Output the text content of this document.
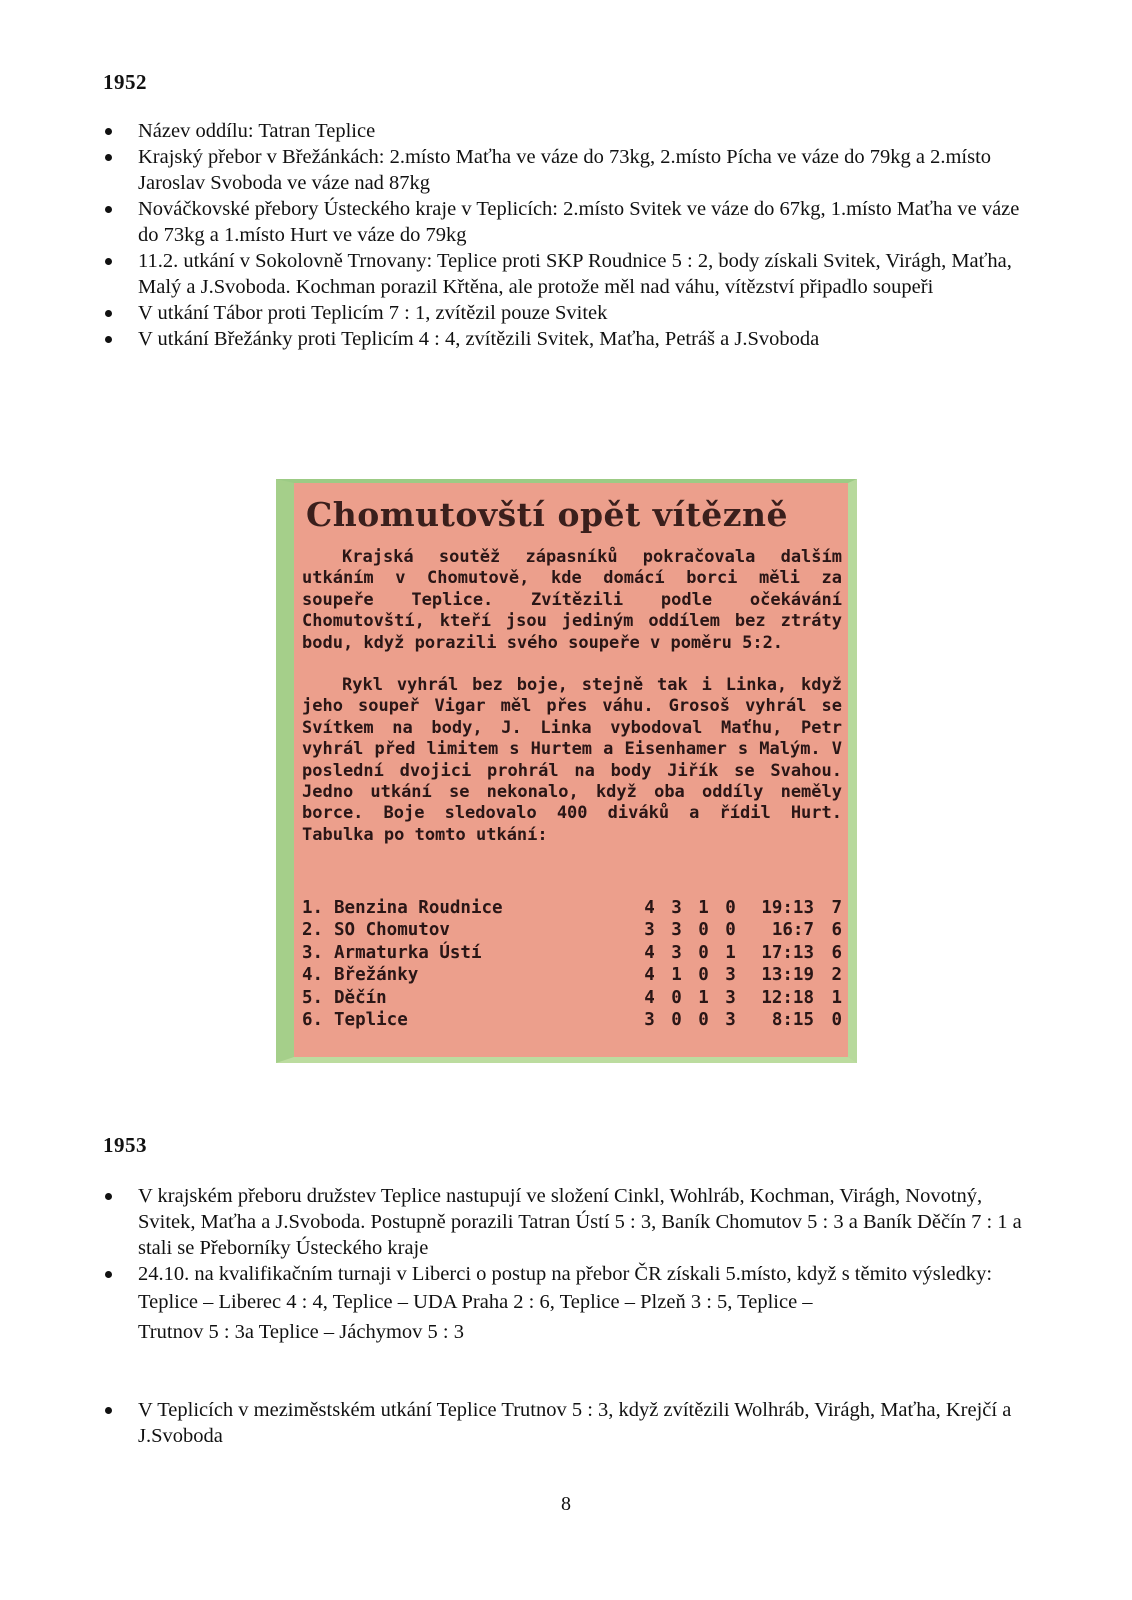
1952
Název oddílu: Tatran Teplice
Krajský přebor v Břežánkách: 2.místo Maťha ve váze do 73kg, 2.místo Pícha ve váze do 79kg a 2.místo Jaroslav Svoboda ve váze nad 87kg
Nováčkovské přebory Ústeckého kraje v Teplicích: 2.místo Svitek ve váze do 67kg, 1.místo Maťha ve váze do 73kg a 1.místo Hurt ve váze do 79kg
11.2. utkání v Sokolovně Trnovany: Teplice proti SKP Roudnice 5 : 2, body získali Svitek, Virágh, Maťha, Malý a J.Svoboda. Kochman porazil Křtěna, ale protože měl nad váhu, vítězství připadlo soupeři
V utkání Tábor proti Teplicím 7 : 1, zvítězil pouze Svitek
V utkání Břežánky proti Teplicím 4 : 4, zvítězili Svitek, Maťha, Petráš a J.Svoboda
Chomutovští opět vítězně

Krajská soutěž zápasníků pokračovala dalším utkáním v Chomutově, kde domácí borci měli za soupeře Teplice. Zvítězili podle očekávání Chomutovští, kteří jsou jediným oddílem bez ztráty bodu, když porazili svého soupeře v poměru 5:2.

Rykl vyhrál bez boje, stejně tak i Linka, když jeho soupeř Vigar měl přes váhu. Grosoš vyhrál se Svítkem na body, J. Linka vybodoval Maťhu, Petr vyhrál před limitem s Hurtem a Eisenhamer s Malým. V poslední dvojici prohrál na body Jiřík se Svahou. Jedno utkání se nekonalo, když oba oddíly neměly borce. Boje sledovalo 400 diváků a řídil Hurt. Tabulka po tomto utkání:

1.	Benzina Roudnice	4	3	1	0	19:13	7
2.	SO Chomutov	3	3	0	0	16:7	6
3.	Armaturka Ústí	4	3	0	1	17:13	6
4.	Břežánky	4	1	0	3	13:19	2
5.	Děčín	4	0	1	3	12:18	1
6.	Teplice	3	0	0	3	8:15	0
1953
V krajském přeboru družstev Teplice nastupují ve složení Cinkl, Wohlráb, Kochman, Virágh, Novotný, Svitek, Maťha a J.Svoboda. Postupně porazili Tatran Ústí 5 : 3, Baník Chomutov 5 : 3 a Baník Děčín 7 : 1 a stali se Přeborníky Ústeckého kraje
24.10. na kvalifikačním turnaji v Liberci o postup na přebor ČR získali 5.místo, když s těmito výsledky:
Teplice – Liberec 4 : 4, Teplice – UDA Praha 2 : 6, Teplice – Plzeň 3 : 5, Teplice –
Trutnov 5 : 3a Teplice – Jáchymov 5 : 3
V Teplicích v meziměstském utkání Teplice Trutnov 5 : 3, když zvítězili Wolhráb, Virágh, Maťha, Krejčí a J.Svoboda

8
